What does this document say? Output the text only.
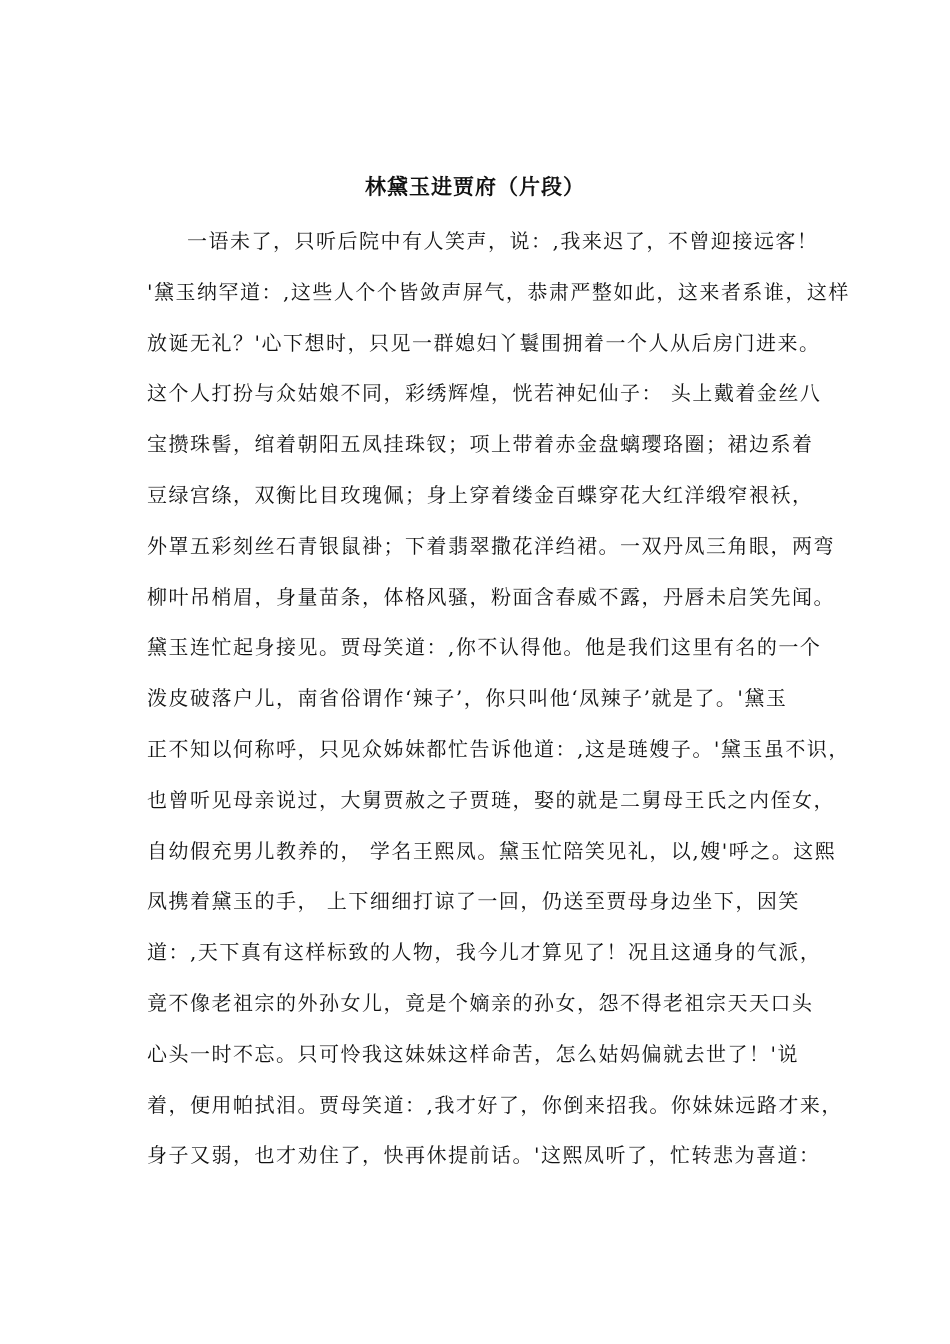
林黛玉进贾府（片段）
一语未了，只听后院中有人笑声，说：,我来迟了，不曾迎接远客！
'黛玉纳罕道：,这些人个个皆敛声屏气，恭肃严整如此，这来者系谁，这样
放诞无礼？'心下想时，只见一群媳妇丫鬟围拥着一个人从后房门进来。
这个人打扮与众姑娘不同，彩绣辉煌，恍若神妃仙子： 头上戴着金丝八
宝攒珠髻，绾着朝阳五凤挂珠钗；项上带着赤金盘螭璎珞圈；裙边系着
豆绿宫绦，双衡比目玫瑰佩；身上穿着缕金百蝶穿花大红洋缎窄裉袄，
外罩五彩刻丝石青银鼠褂；下着翡翠撒花洋绉裙。一双丹凤三角眼，两弯
柳叶吊梢眉，身量苗条，体格风骚，粉面含春威不露，丹唇未启笑先闻。
黛玉连忙起身接见。贾母笑道：,你不认得他。他是我们这里有名的一个
泼皮破落户儿，南省俗谓作‘辣子’，你只叫他‘凤辣子’就是了。'黛玉
正不知以何称呼，只见众姊妹都忙告诉他道：,这是琏嫂子。'黛玉虽不识，
也曾听见母亲说过，大舅贾赦之子贾琏，娶的就是二舅母王氏之内侄女，
自幼假充男儿教养的， 学名王熙凤。黛玉忙陪笑见礼，以,嫂'呼之。这熙
凤携着黛玉的手， 上下细细打谅了一回，仍送至贾母身边坐下，因笑
道：,天下真有这样标致的人物，我今儿才算见了！况且这通身的气派，
竟不像老祖宗的外孙女儿，竟是个嫡亲的孙女，怨不得老祖宗天天口头
心头一时不忘。只可怜我这妹妹这样命苦，怎么姑妈偏就去世了！'说
着，便用帕拭泪。贾母笑道：,我才好了，你倒来招我。你妹妹远路才来，
身子又弱，也才劝住了，快再休提前话。'这熙凤听了，忙转悲为喜道：
